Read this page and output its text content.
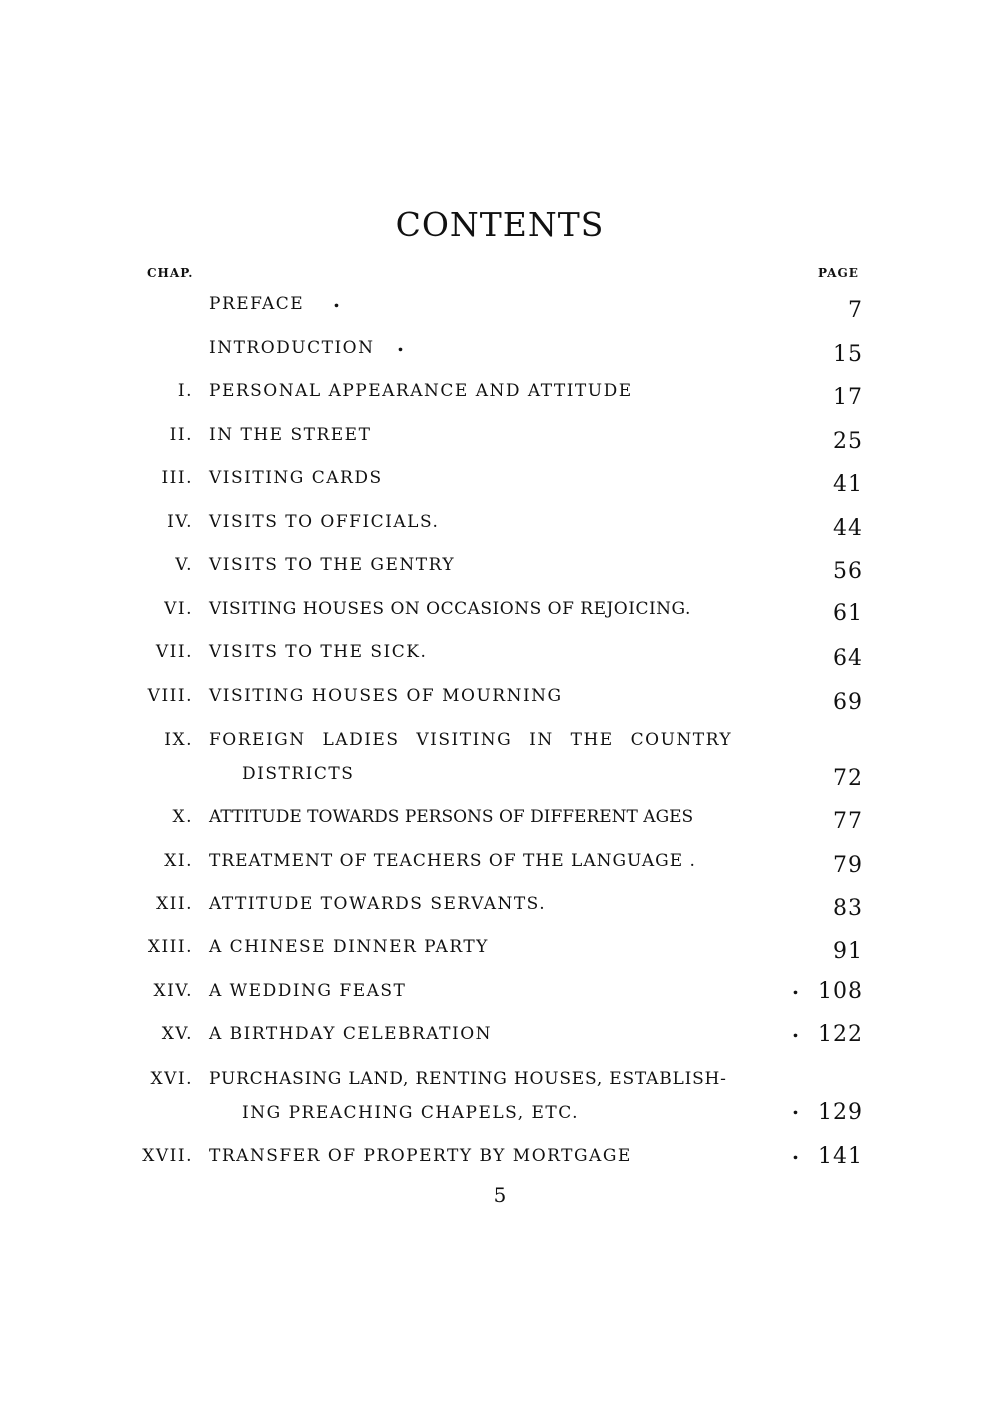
CONTENTS
CHAP.	PAGE
PREFACE .	7
INTRODUCTION .	15
I. PERSONAL APPEARANCE AND ATTITUDE	17
II. IN THE STREET	25
III. VISITING CARDS	41
IV. VISITS TO OFFICIALS.	44
V. VISITS TO THE GENTRY	56
VI. VISITING HOUSES ON OCCASIONS OF REJOICING.	61
VII. VISITS TO THE SICK.	64
VIII. VISITING HOUSES OF MOURNING	69
IX. FOREIGN LADIES VISITING IN THE COUNTRY
DISTRICTS	72
X. ATTITUDE TOWARDS PERSONS OF DIFFERENT AGES	77
XI. TREATMENT OF TEACHERS OF THE LANGUAGE .	79
XII. ATTITUDE TOWARDS SERVANTS.	83
XIII. A CHINESE DINNER PARTY	91
XIV. A WEDDING FEAST	. 108
XV. A BIRTHDAY CELEBRATION	. 122
XVI. PURCHASING LAND, RENTING HOUSES, ESTABLISH-
ING PREACHING CHAPELS, ETC.	. 129
XVII. TRANSFER OF PROPERTY BY MORTGAGE	. 141
5
